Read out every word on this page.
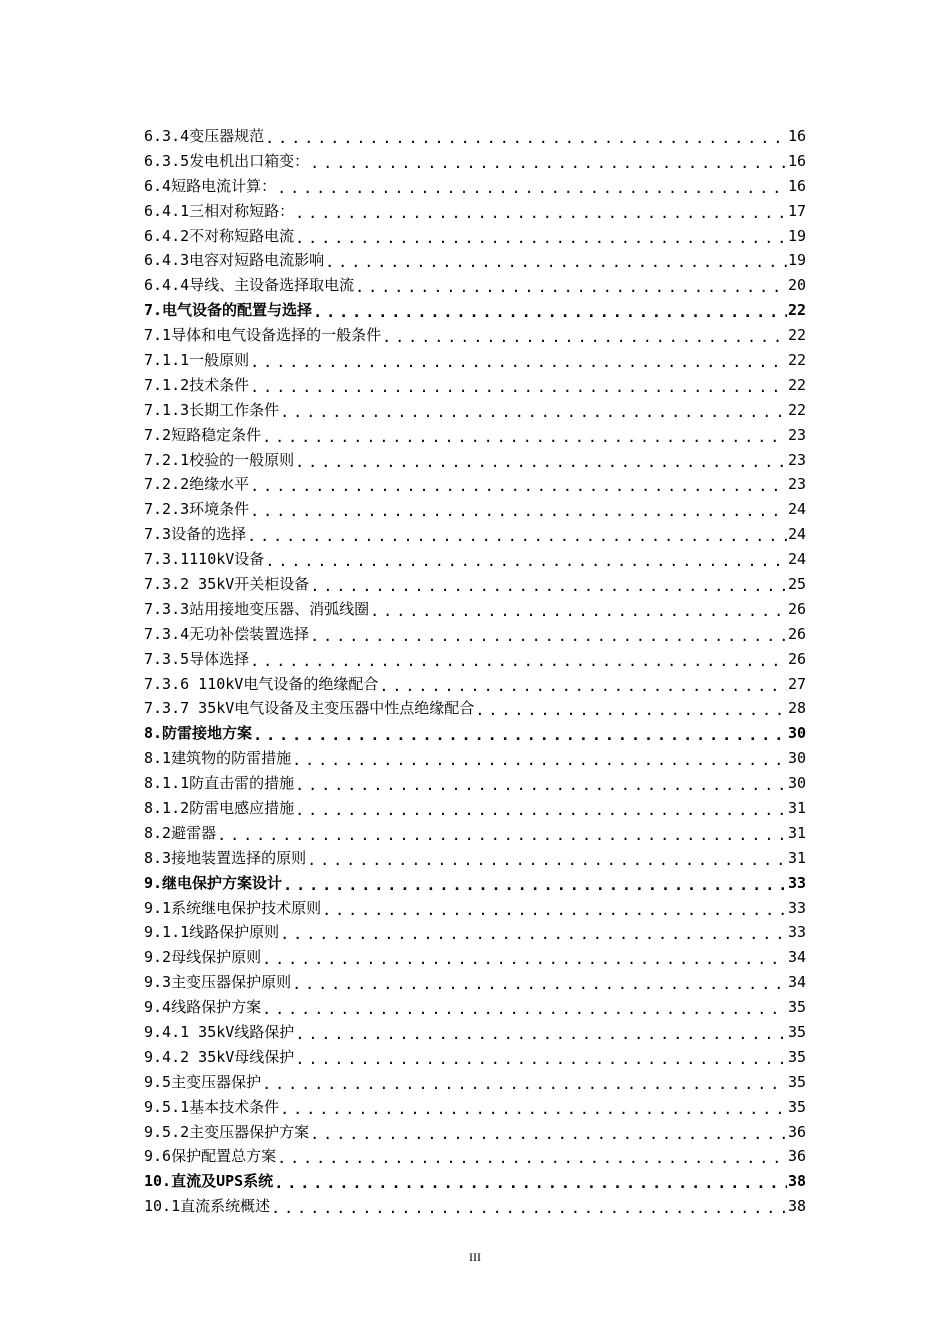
6.3.4变压器规范 .....	16
6.3.5发电机出口箱变： .....	16
6.4短路电流计算： .....	16
6.4.1三相对称短路： .....	17
6.4.2不对称短路电流 .....	19
6.4.3电容对短路电流影响 .....	19
6.4.4导线、主设备选择取电流 .....	20
7.电气设备的配置与选择 .....	22
7.1导体和电气设备选择的一般条件 .....	22
7.1.1一般原则 .....	22
7.1.2技术条件 .....	22
7.1.3长期工作条件 .....	22
7.2短路稳定条件 .....	23
7.2.1校验的一般原则 .....	23
7.2.2绝缘水平 .....	23
7.2.3环境条件 .....	24
7.3设备的选择 .....	24
7.3.1110kV设备 .....	24
7.3.2 35kV开关柜设备 .....	25
7.3.3站用接地变压器、消弧线圈 .....	26
7.3.4无功补偿装置选择 .....	26
7.3.5导体选择 .....	26
7.3.6 110kV电气设备的绝缘配合 .....	27
7.3.7 35kV电气设备及主变压器中性点绝缘配合 .....	28
8.防雷接地方案 .....	30
8.1建筑物的防雷措施 .....	30
8.1.1防直击雷的措施 .....	30
8.1.2防雷电感应措施 .....	31
8.2避雷器 .....	31
8.3接地装置选择的原则 .....	31
9.继电保护方案设计 .....	33
9.1系统继电保护技术原则 .....	33
9.1.1线路保护原则 .....	33
9.2母线保护原则 .....	34
9.3主变压器保护原则 .....	34
9.4线路保护方案 .....	35
9.4.1 35kV线路保护 .....	35
9.4.2 35kV母线保护 .....	35
9.5主变压器保护 .....	35
9.5.1基本技术条件 .....	35
9.5.2主变压器保护方案 .....	36
9.6保护配置总方案 .....	36
10.直流及UPS系统 .....	38
10.1直流系统概述 .....	38
III
